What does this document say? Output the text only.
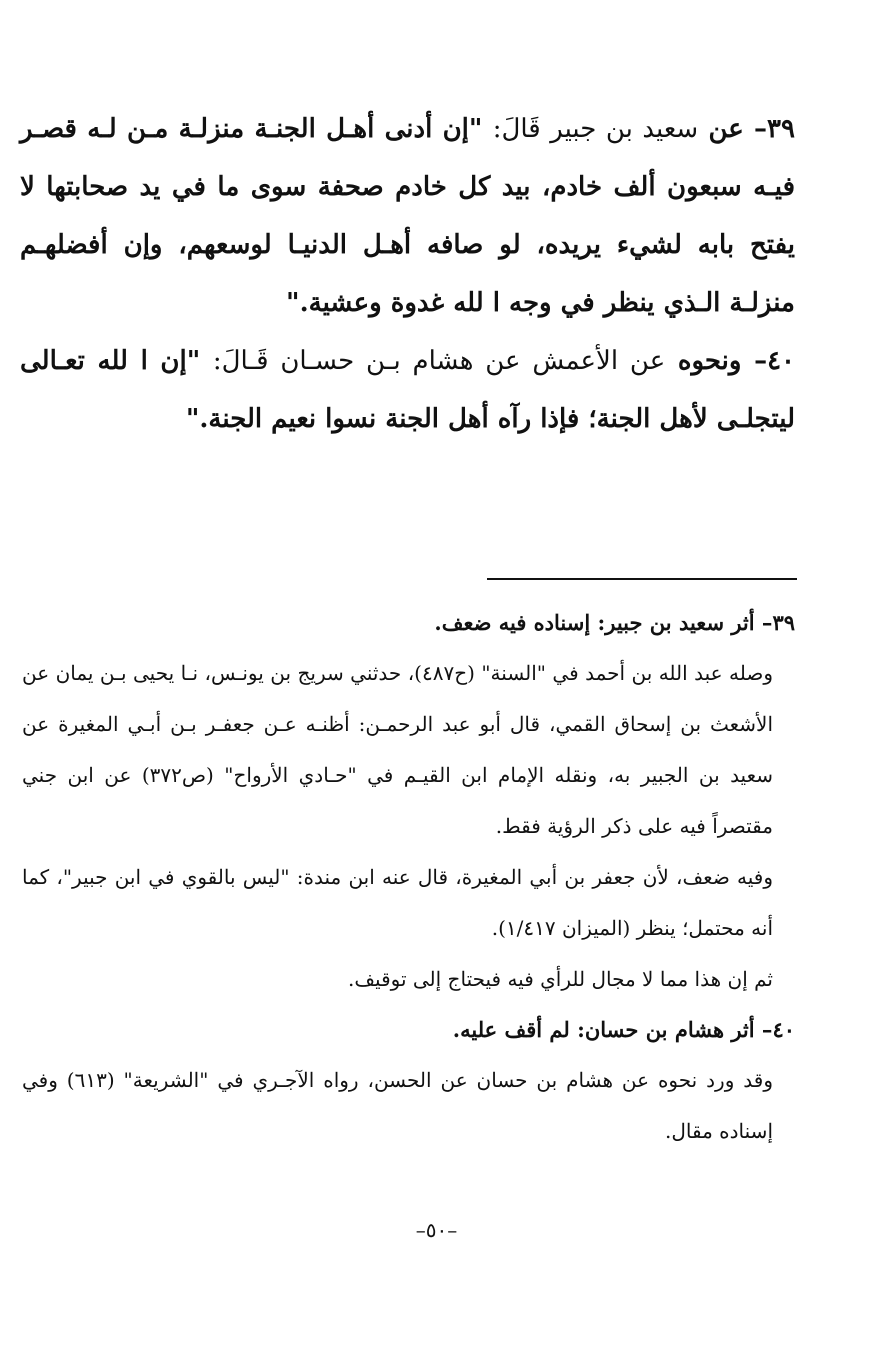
٣٩– عن سعيد بن جبير قَالَ: "إن أدنى أهـل الجنـة منزلـة مـن لـه قصـر فيـه سبعون ألف خادم، بيد كل خادم صحفة سوى ما في يد صحابتها لا يفتح بابه لشيء يريده، لو صافه أهـل الدنيـا لوسعهم، وإن أفضلهـم منزلـة الـذي ينظر في وجه ا لله غدوة وعشية."

٤٠– ونحوه عن الأعمش عن هشام بـن حسـان قَـالَ: "إن ا لله تعـالى ليتجلـى لأهل الجنة؛ فإذا رآه أهل الجنة نسوا نعيم الجنة."

٣٩– أثر سعيد بن جبير: إسناده فيه ضعف.

وصله عبد الله بن أحمد في "السنة" (ح٤٨٧)، حدثني سريج بن يونـس، نـا يحيى بـن يمان عن الأشعث بن إسحاق القمي، قال أبو عبد الرحمـن: أظنـه عـن جعفـر بـن أبـي المغيرة عن سعيد بن الجبير به، ونقله الإمام ابن القيـم في "حـادي الأرواح" (ص٣٧٢) عن ابن جني مقتصراً فيه على ذكر الرؤية فقط.

وفيه ضعف، لأن جعفر بن أبي المغيرة، قال عنه ابن مندة: "ليس بالقوي في ابن جبير"، كما أنه محتمل؛ ينظر (الميزان ١/٤١٧).

ثم إن هذا مما لا مجال للرأي فيه فيحتاج إلى توقيف.

٤٠– أثر هشام بن حسان: لم أقف عليه.

وقد ورد نحوه عن هشام بن حسان عن الحسن، رواه الآجـري في "الشريعة" (٦١٣) وفي إسناده مقال.

–٥٠–
